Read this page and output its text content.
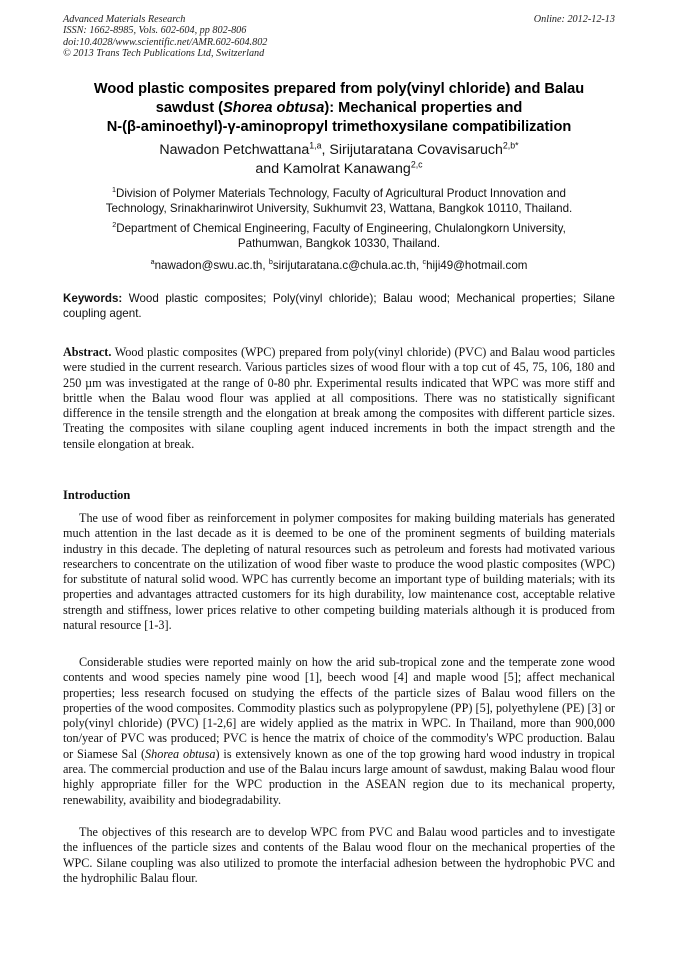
Advanced Materials Research
ISSN: 1662-8985, Vols. 602-604, pp 802-806
doi:10.4028/www.scientific.net/AMR.602-604.802
© 2013 Trans Tech Publications Ltd, Switzerland
Online: 2012-12-13
Wood plastic composites prepared from poly(vinyl chloride) and Balau
sawdust (Shorea obtusa): Mechanical properties and
N-(β-aminoethyl)-γ-aminopropyl trimethoxysilane compatibilization
Nawadon Petchwattana$^{1,a}$, Sirijutaratana Covavisaruch$^{2,b*}$
and Kamolrat Kanawang$^{2,c}$
$^1$Division of Polymer Materials Technology, Faculty of Agricultural Product Innovation and
Technology, Srinakharinwirot University, Sukhumvit 23, Wattana, Bangkok 10110, Thailand.
$^2$Department of Chemical Engineering, Faculty of Engineering, Chulalongkorn University,
Pathumwan, Bangkok 10330, Thailand.
$^a$nawadon@swu.ac.th, $^b$sirijutaratana.c@chula.ac.th, $^c$hiji49@hotmail.com
Keywords: Wood plastic composites; Poly(vinyl chloride); Balau wood; Mechanical properties; Silane coupling agent.
Abstract. Wood plastic composites (WPC) prepared from poly(vinyl chloride) (PVC) and Balau wood particles were studied in the current research. Various particles sizes of wood flour with a top cut of 45, 75, 106, 180 and 250 µm was investigated at the range of 0-80 phr. Experimental results indicated that WPC was more stiff and brittle when the Balau wood flour was applied at all compositions. There was no statistically significant difference in the tensile strength and the elongation at break among the composites with different particle sizes. Treating the composites with silane coupling agent induced increments in both the impact strength and the tensile elongation at break.
Introduction
The use of wood fiber as reinforcement in polymer composites for making building materials has generated much attention in the last decade as it is deemed to be one of the prominent segments of building materials industry in this decade. The depleting of natural resources such as petroleum and forests had motivated various researchers to concentrate on the utilization of wood fiber waste to produce the wood plastic composites (WPC) for substitute of natural solid wood. WPC has currently become an important type of building materials; with its properties and advantages attracted customers for its high durability, low maintenance cost, acceptable relative strength and stiffness, lower prices relative to other competing building materials although it is produced from natural resource [1-3].
Considerable studies were reported mainly on how the arid sub-tropical zone and the temperate zone wood contents and wood species namely pine wood [1], beech wood [4] and maple wood [5]; affect mechanical properties; less research focused on studying the effects of the particle sizes of Balau wood fillers on the properties of the wood composites. Commodity plastics such as polypropylene (PP) [5], polyethylene (PE) [3] or poly(vinyl chloride) (PVC) [1-2,6] are widely applied as the matrix in WPC. In Thailand, more than 900,000 ton/year of PVC was produced; PVC is hence the matrix of choice of the commodity's WPC production. Balau or Siamese Sal (Shorea obtusa) is extensively known as one of the top growing hard wood industry in tropical area. The commercial production and use of the Balau incurs large amount of sawdust, making Balau wood flour highly appropriate filler for the WPC production in the ASEAN region due to its mechanical property, renewability, avaibility and biodegradability.
The objectives of this research are to develop WPC from PVC and Balau wood particles and to investigate the influences of the particle sizes and contents of the Balau wood flour on the mechanical properties of the WPC. Silane coupling was also utilized to promote the interfacial adhesion between the hydrophobic PVC and the hydrophilic Balau flour.
